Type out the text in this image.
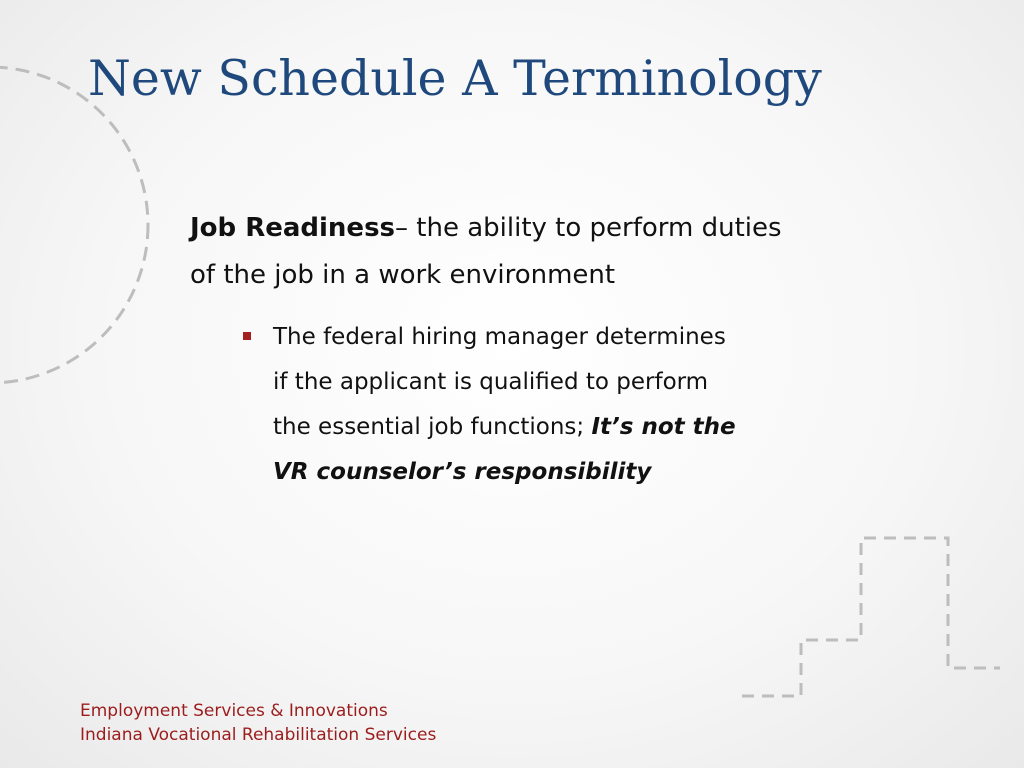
New Schedule A Terminology

Job Readiness– the ability to perform duties of the job in a work environment

The federal hiring manager determines if the applicant is qualified to perform the essential job functions; It’s not the VR counselor’s responsibility
Employment Services & Innovations
Indiana Vocational Rehabilitation Services
